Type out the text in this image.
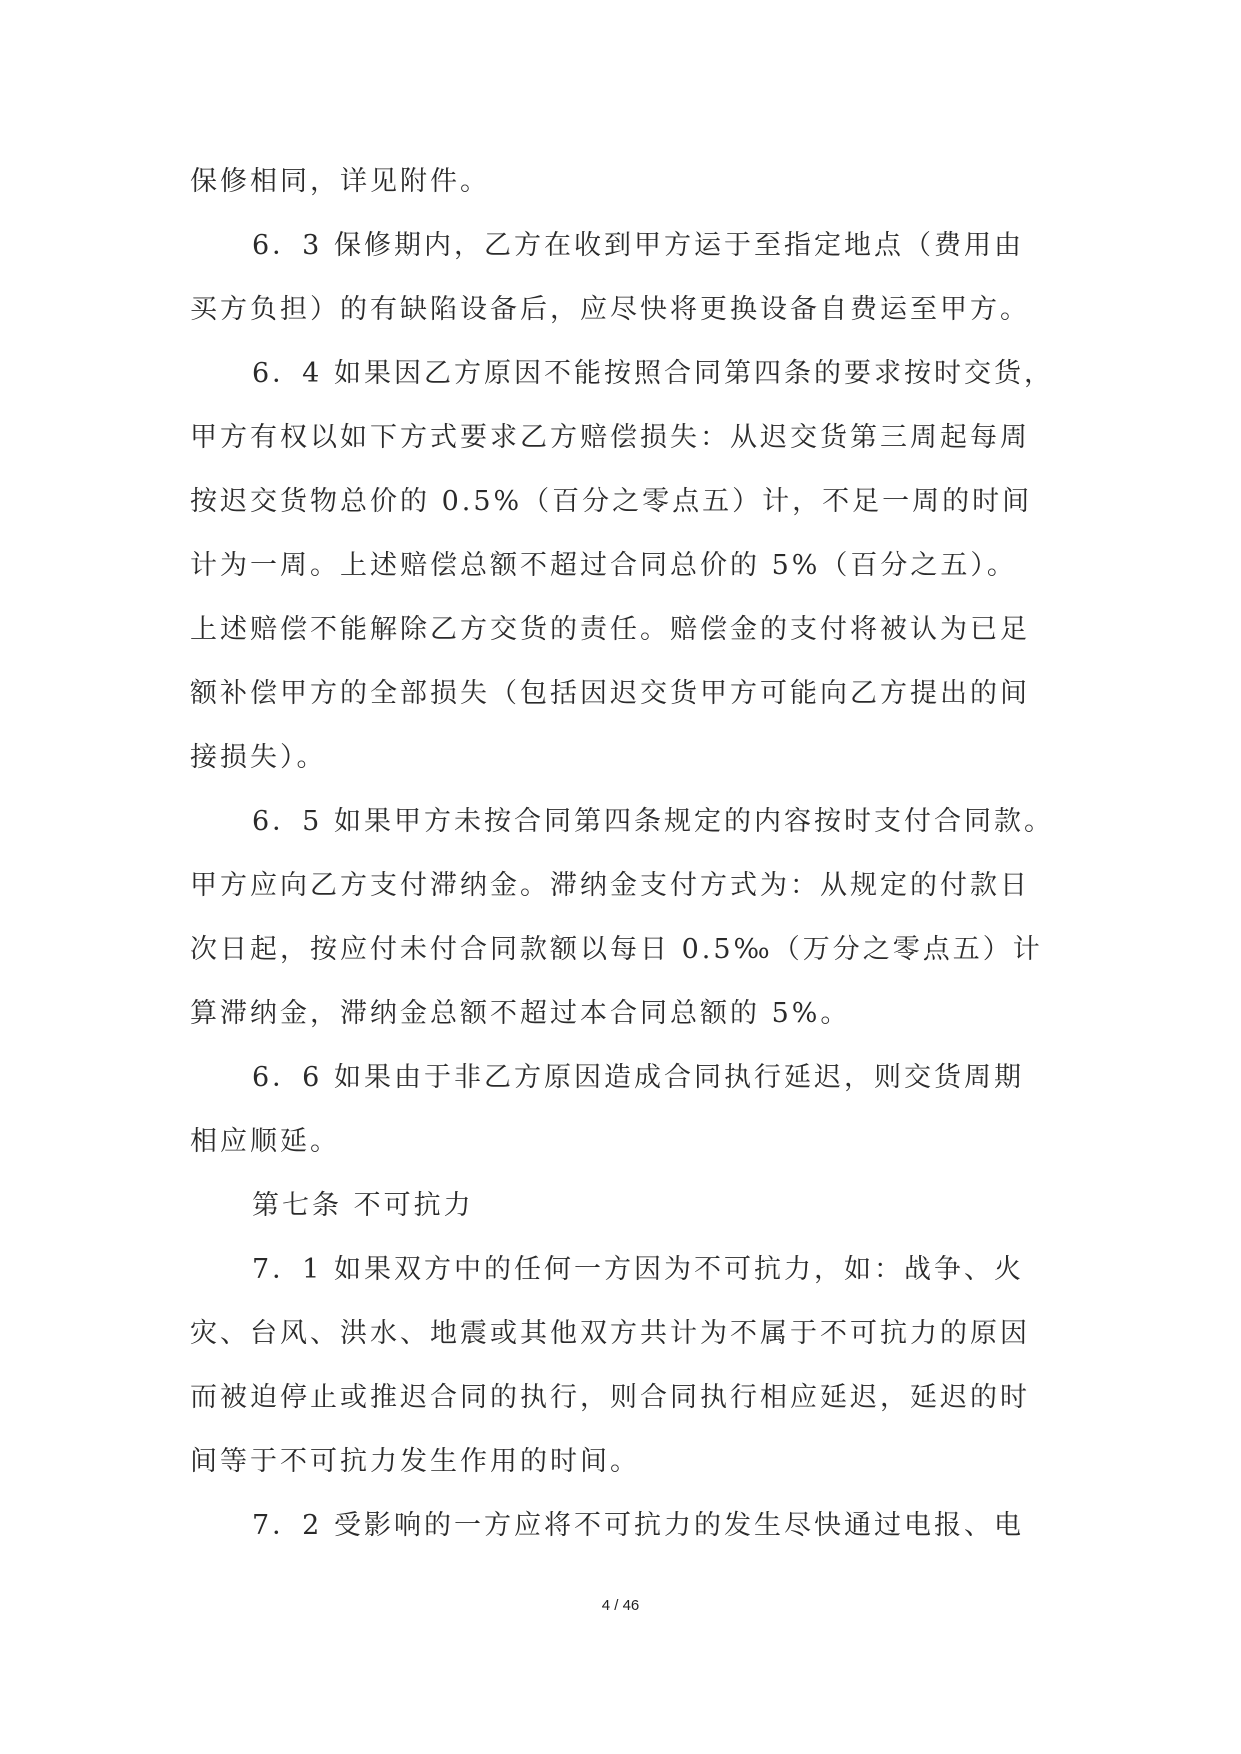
保修相同，详见附件。
6．3 保修期内，乙方在收到甲方运于至指定地点（费用由
买方负担）的有缺陷设备后，应尽快将更换设备自费运至甲方。
6．4 如果因乙方原因不能按照合同第四条的要求按时交货，
甲方有权以如下方式要求乙方赔偿损失：从迟交货第三周起每周
按迟交货物总价的 0.5%（百分之零点五）计，不足一周的时间
计为一周。上述赔偿总额不超过合同总价的 5%（百分之五）。
上述赔偿不能解除乙方交货的责任。赔偿金的支付将被认为已足
额补偿甲方的全部损失（包括因迟交货甲方可能向乙方提出的间
接损失）。
6．5 如果甲方未按合同第四条规定的内容按时支付合同款。
甲方应向乙方支付滞纳金。滞纳金支付方式为：从规定的付款日
次日起，按应付未付合同款额以每日 0.5‰（万分之零点五）计
算滞纳金，滞纳金总额不超过本合同总额的 5%。
6．6 如果由于非乙方原因造成合同执行延迟，则交货周期
相应顺延。
第七条 不可抗力
7．1 如果双方中的任何一方因为不可抗力，如：战争、火
灾、台风、洪水、地震或其他双方共计为不属于不可抗力的原因
而被迫停止或推迟合同的执行，则合同执行相应延迟，延迟的时
间等于不可抗力发生作用的时间。
7．2 受影响的一方应将不可抗力的发生尽快通过电报、电
4 / 46
